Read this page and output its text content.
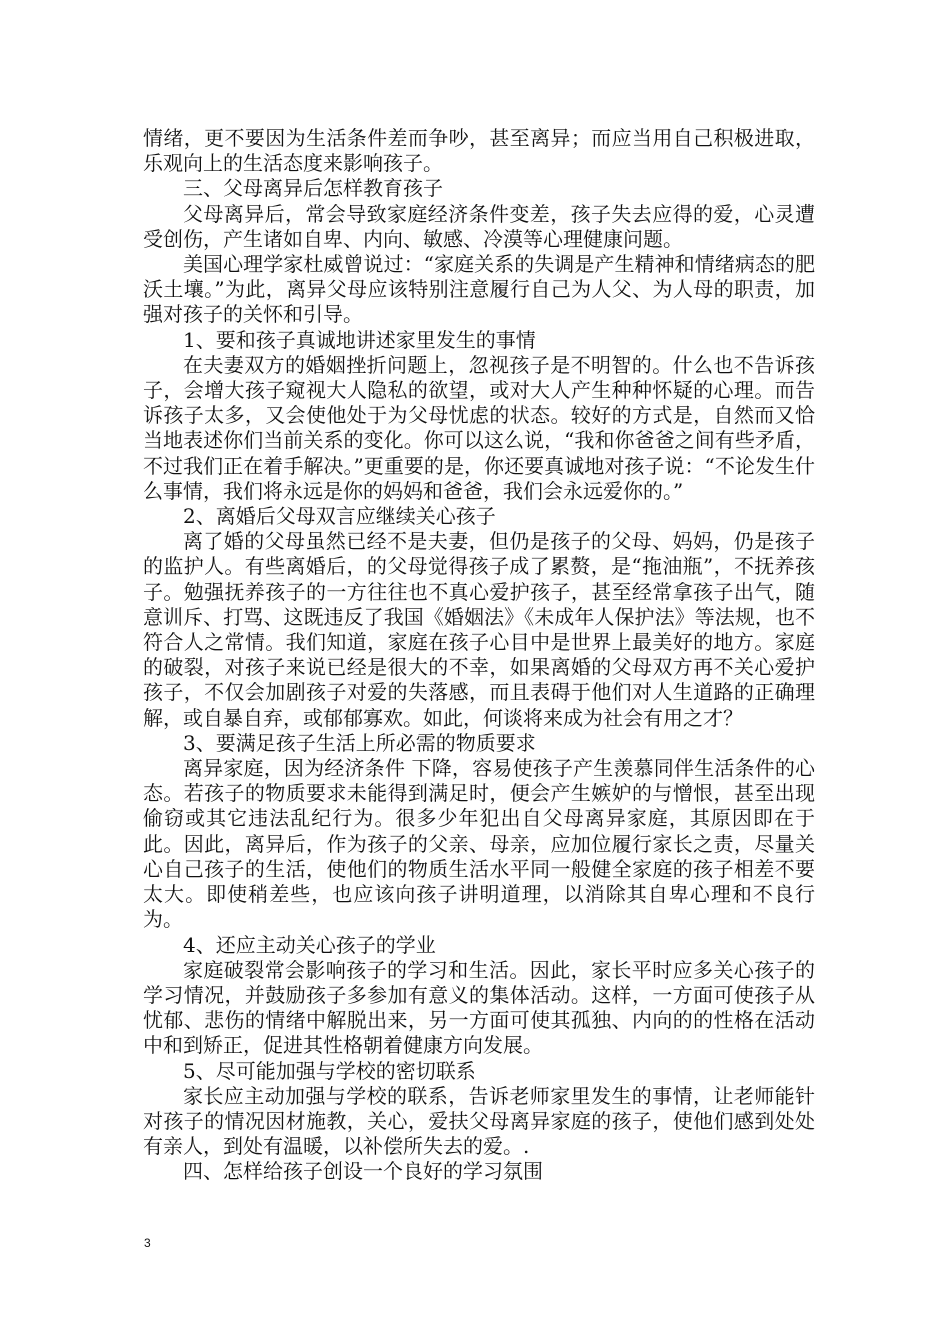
情绪，更不要因为生活条件差而争吵，甚至离异；而应当用自己积极进取，乐观向上的生活态度来影响孩子。

三、父母离异后怎样教育孩子

父母离异后，常会导致家庭经济条件变差，孩子失去应得的爱，心灵遭受创伤，产生诸如自卑、内向、敏感、冷漠等心理健康问题。

美国心理学家杜威曾说过：“家庭关系的失调是产生精神和情绪病态的肥沃土壤。”为此，离异父母应该特别注意履行自己为人父、为人母的职责，加强对孩子的关怀和引导。

1、要和孩子真诚地讲述家里发生的事情

在夫妻双方的婚姻挫折问题上，忽视孩子是不明智的。什么也不告诉孩子，会增大孩子窥视大人隐私的欲望，或对大人产生种种怀疑的心理。而告诉孩子太多，又会使他处于为父母忧虑的状态。较好的方式是，自然而又恰当地表述你们当前关系的变化。你可以这么说，“我和你爸爸之间有些矛盾，不过我们正在着手解决。”更重要的是，你还要真诚地对孩子说：“不论发生什么事情，我们将永远是你的妈妈和爸爸，我们会永远爱你的。”

2、离婚后父母双言应继续关心孩子

离了婚的父母虽然已经不是夫妻，但仍是孩子的父母、妈妈，仍是孩子的监护人。有些离婚后，的父母觉得孩子成了累赘，是“拖油瓶”，不抚养孩子。勉强抚养孩子的一方往往也不真心爱护孩子，甚至经常拿孩子出气，随意训斥、打骂、这既违反了我国《婚姻法》《未成年人保护法》等法规，也不符合人之常情。我们知道，家庭在孩子心目中是世界上最美好的地方。家庭的破裂，对孩子来说已经是很大的不幸，如果离婚的父母双方再不关心爱护孩子，不仅会加剧孩子对爱的失落感，而且表碍于他们对人生道路的正确理解，或自暴自弃，或郁郁寡欢。如此，何谈将来成为社会有用之才？

3、要满足孩子生活上所必需的物质要求

离异家庭，因为经济条件 下降，容易使孩子产生羡慕同伴生活条件的心态。若孩子的物质要求未能得到满足时，便会产生嫉妒的与憎恨，甚至出现偷窃或其它违法乱纪行为。很多少年犯出自父母离异家庭，其原因即在于此。因此，离异后，作为孩子的父亲、母亲，应加位履行家长之责，尽量关心自己孩子的生活，使他们的物质生活水平同一般健全家庭的孩子相差不要太大。即使稍差些，也应该向孩子讲明道理，以消除其自卑心理和不良行为。

4、还应主动关心孩子的学业

家庭破裂常会影响孩子的学习和生活。因此，家长平时应多关心孩子的学习情况，并鼓励孩子多参加有意义的集体活动。这样，一方面可使孩子从忧郁、悲伤的情绪中解脱出来，另一方面可使其孤独、内向的的性格在活动中和到矫正，促进其性格朝着健康方向发展。

5、尽可能加强与学校的密切联系

家长应主动加强与学校的联系，告诉老师家里发生的事情，让老师能针对孩子的情况因材施教，关心，爱扶父母离异家庭的孩子，使他们感到处处有亲人，到处有温暖，以补偿所失去的爱。.

四、怎样给孩子创设一个良好的学习氛围

3
